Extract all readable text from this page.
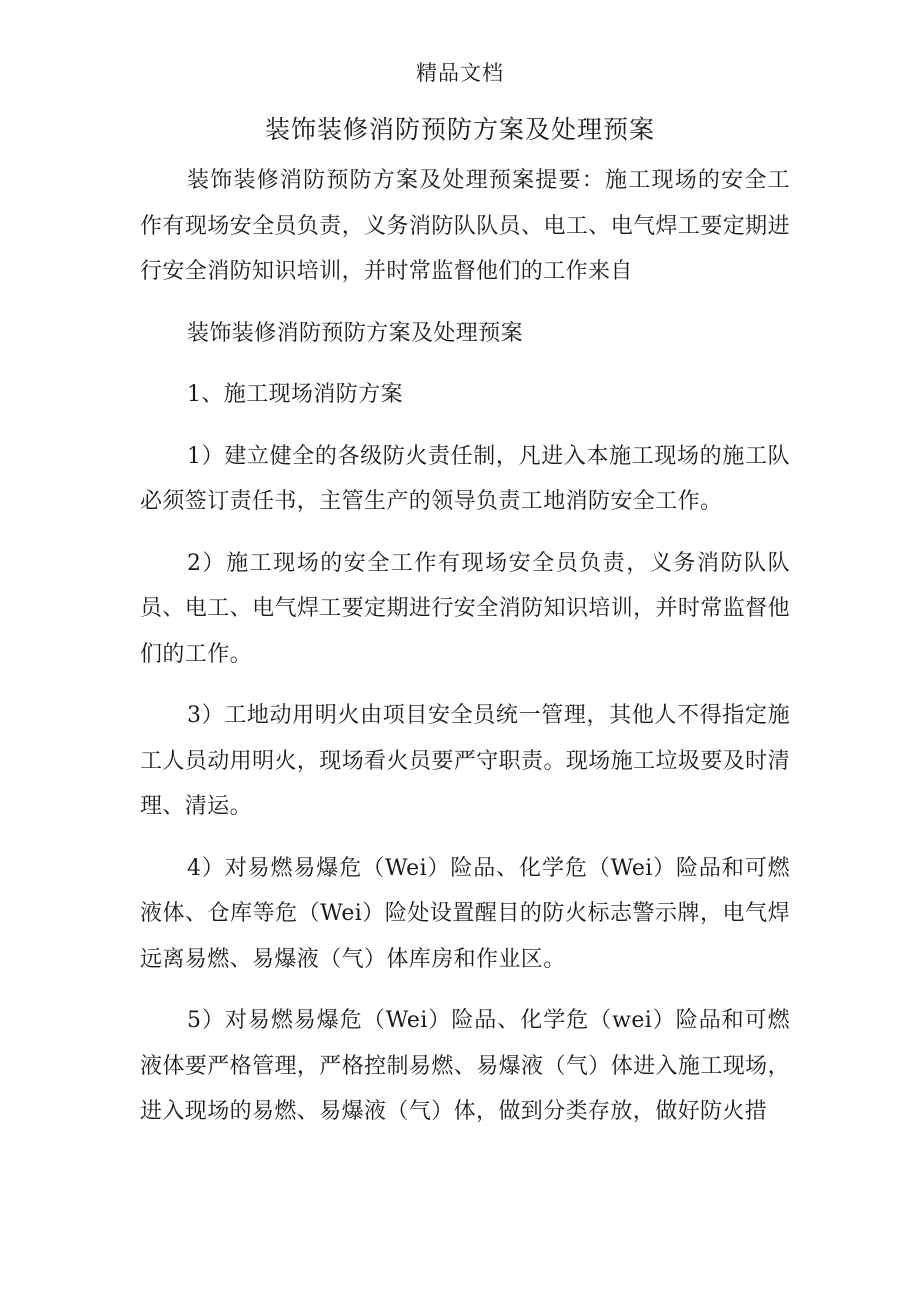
精品文档
装饰装修消防预防方案及处理预案

装饰装修消防预防方案及处理预案提要：施工现场的安全工作有现场安全员负责，义务消防队队员、电工、电气焊工要定期进行安全消防知识培训，并时常监督他们的工作来自

装饰装修消防预防方案及处理预案

1、施工现场消防方案

1）建立健全的各级防火责任制，凡进入本施工现场的施工队必须签订责任书，主管生产的领导负责工地消防安全工作。

2）施工现场的安全工作有现场安全员负责，义务消防队队员、电工、电气焊工要定期进行安全消防知识培训，并时常监督他们的工作。

3）工地动用明火由项目安全员统一管理，其他人不得指定施工人员动用明火，现场看火员要严守职责。现场施工垃圾要及时清理、清运。

4）对易燃易爆危（Wei）险品、化学危（Wei）险品和可燃液体、仓库等危（Wei）险处设置醒目的防火标志警示牌，电气焊远离易燃、易爆液（气）体库房和作业区。

5）对易燃易爆危（Wei）险品、化学危（wei）险品和可燃液体要严格管理，严格控制易燃、易爆液（气）体进入施工现场，进入现场的易燃、易爆液（气）体，做到分类存放，做好防火措
